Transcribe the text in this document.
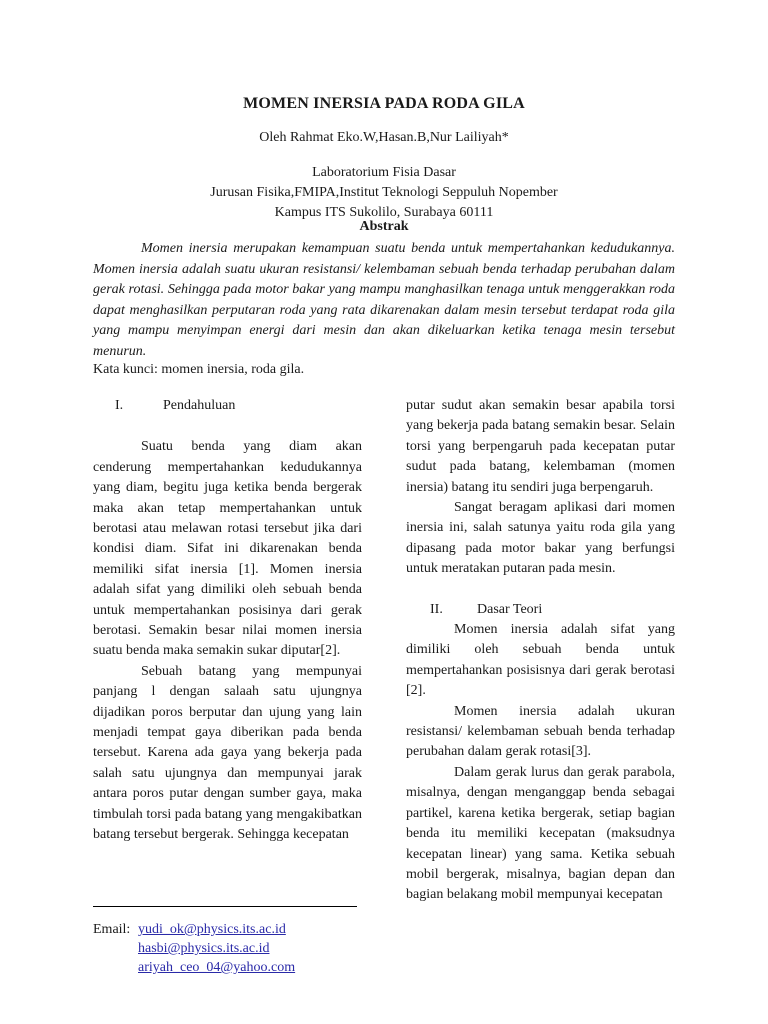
MOMEN INERSIA PADA RODA GILA
Oleh Rahmat Eko.W,Hasan.B,Nur Lailiyah*
Laboratorium Fisia Dasar
Jurusan Fisika,FMIPA,Institut Teknologi Seppuluh Nopember
Kampus ITS Sukolilo, Surabaya 60111
Abstrak

Momen inersia merupakan kemampuan suatu benda untuk mempertahankan kedudukannya. Momen inersia adalah suatu ukuran resistansi/ kelembaman sebuah benda terhadap perubahan dalam gerak rotasi. Sehingga pada motor bakar yang mampu manghasilkan tenaga untuk menggerakkan roda dapat menghasilkan perputaran roda yang rata dikarenakan dalam mesin tersebut terdapat roda gila yang mampu menyimpan energi dari mesin dan akan dikeluarkan ketika tenaga mesin tersebut menurun.

Kata kunci: momen inersia, roda gila.
I.	Pendahuluan

Suatu benda yang diam akan cenderung mempertahankan kedudukannya yang diam, begitu juga ketika benda bergerak maka akan tetap mempertahankan untuk berotasi atau melawan rotasi tersebut jika dari kondisi diam. Sifat ini dikarenakan benda memiliki sifat inersia [1]. Momen inersia adalah sifat yang dimiliki oleh sebuah benda untuk mempertahankan posisinya dari gerak berotasi. Semakin besar nilai momen inersia suatu benda maka semakin sukar diputar[2].

Sebuah batang yang mempunyai panjang l dengan salaah satu ujungnya dijadikan poros berputar dan ujung yang lain menjadi tempat gaya diberikan pada benda tersebut. Karena ada gaya yang bekerja pada salah satu ujungnya dan mempunyai jarak antara poros putar dengan sumber gaya, maka timbulah torsi pada batang yang mengakibatkan batang tersebut bergerak. Sehingga kecepatan

putar sudut akan semakin besar apabila torsi yang bekerja pada batang semakin besar. Selain torsi yang berpengaruh pada kecepatan putar sudut pada batang, kelembaman (momen inersia) batang itu sendiri juga berpengaruh.

Sangat beragam aplikasi dari momen inersia ini, salah satunya yaitu roda gila yang dipasang pada motor bakar yang berfungsi untuk meratakan putaran pada mesin.

II. Dasar Teori

Momen inersia adalah sifat yang dimiliki oleh sebuah benda untuk mempertahankan posisisnya dari gerak berotasi [2].

Momen inersia adalah ukuran resistansi/ kelembaman sebuah benda terhadap perubahan dalam gerak rotasi[3].

Dalam gerak lurus dan gerak parabola, misalnya, dengan menganggap benda sebagai partikel, karena ketika bergerak, setiap bagian benda itu memiliki kecepatan (maksudnya kecepatan linear) yang sama. Ketika sebuah mobil bergerak, misalnya, bagian depan dan bagian belakang mobil mempunyai kecepatan

Email: yudi_ok@physics.its.ac.id
hasbi@physics.its.ac.id
ariyah_ceo_04@yahoo.com
